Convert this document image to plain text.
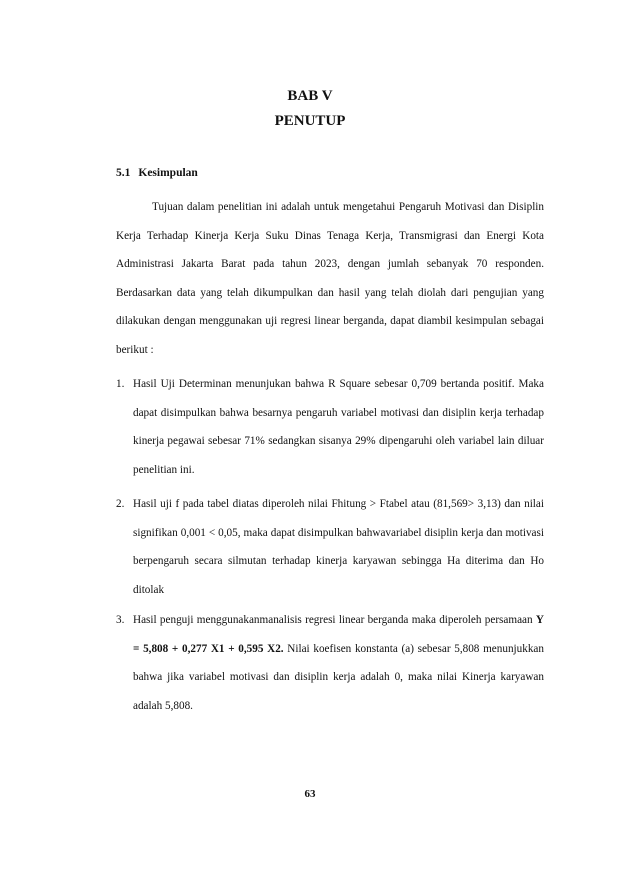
BAB V
PENUTUP
5.1 Kesimpulan

Tujuan dalam penelitian ini adalah untuk mengetahui Pengaruh Motivasi dan Disiplin Kerja Terhadap Kinerja Kerja Suku Dinas Tenaga Kerja, Transmigrasi dan Energi Kota Administrasi Jakarta Barat pada tahun 2023, dengan jumlah sebanyak 70 responden. Berdasarkan data yang telah dikumpulkan dan hasil yang telah diolah dari pengujian yang dilakukan dengan menggunakan uji regresi linear berganda, dapat diambil kesimpulan sebagai berikut :

1. Hasil Uji Determinan menunjukan bahwa R Square sebesar 0,709 bertanda positif. Maka dapat disimpulkan bahwa besarnya pengaruh variabel motivasi dan disiplin kerja terhadap kinerja pegawai sebesar 71% sedangkan sisanya 29% dipengaruhi oleh variabel lain diluar penelitian ini.

2. Hasil uji f pada tabel diatas diperoleh nilai Fhitung > Ftabel atau (81,569> 3,13) dan nilai signifikan 0,001 < 0,05, maka dapat disimpulkan bahwavariabel disiplin kerja dan motivasi berpengaruh secara silmutan terhadap kinerja karyawan sebingga Ha diterima dan Ho ditolak

3. Hasil penguji menggunakanmanalisis regresi linear berganda maka diperoleh persamaan Y = 5,808 + 0,277 X1 + 0,595 X2. Nilai koefisen konstanta (a) sebesar 5,808 menunjukkan bahwa jika variabel motivasi dan disiplin kerja adalah 0, maka nilai Kinerja karyawan adalah 5,808.

63
